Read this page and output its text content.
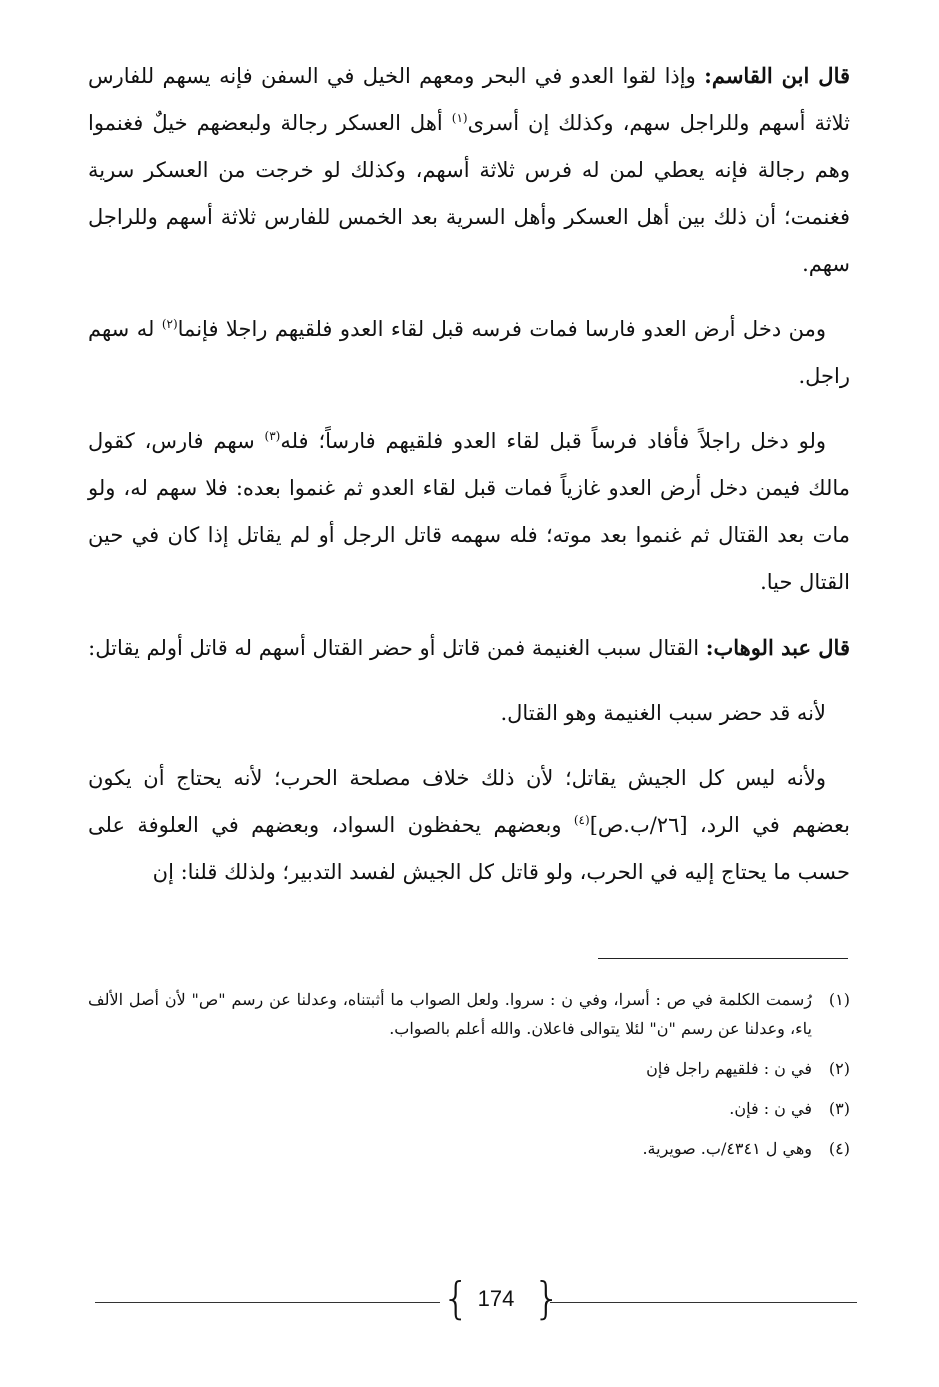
قال ابن القاسم: وإذا لقوا العدو في البحر ومعهم الخيل في السفن فإنه يسهم للفارس ثلاثة أسهم وللراجل سهم، وكذلك إن أسرى$^{(١)}$ أهل العسكر رجالة ولبعضهم خيلٌ فغنموا وهم رجالة فإنه يعطي لمن له فرس ثلاثة أسهم، وكذلك لو خرجت من العسكر سرية فغنمت؛ أن ذلك بين أهل العسكر وأهل السرية بعد الخمس للفارس ثلاثة أسهم وللراجل سهم.

ومن دخل أرض العدو فارسا فمات فرسه قبل لقاء العدو فلقيهم راجلا فإنما$^{(٢)}$ له سهم راجل.

ولو دخل راجلاً فأفاد فرساً قبل لقاء العدو فلقيهم فارساً؛ فله$^{(٣)}$ سهم فارس، كقول مالك فيمن دخل أرض العدو غازياً فمات قبل لقاء العدو ثم غنموا بعده: فلا سهم له، ولو مات بعد القتال ثم غنموا بعد موته؛ فله سهمه قاتل الرجل أو لم يقاتل إذا كان في حين القتال حيا.

قال عبد الوهاب: القتال سبب الغنيمة فمن قاتل أو حضر القتال أسهم له قاتل أولم يقاتل:

لأنه قد حضر سبب الغنيمة وهو القتال.

ولأنه ليس كل الجيش يقاتل؛ لأن ذلك خلاف مصلحة الحرب؛ لأنه يحتاج أن يكون بعضهم في الرد، [٢٦/ب.ص]$^{(٤)}$ وبعضهم يحفظون السواد، وبعضهم في العلوفة على حسب ما يحتاج إليه في الحرب، ولو قاتل كل الجيش لفسد التدبير؛ ولذلك قلنا: إن

(١)
رُسمت الكلمة في ص : أسرا، وفي ن : سروا. ولعل الصواب ما أثبتناه، وعدلنا عن رسم "ص" لأن أصل الألف ياء، وعدلنا عن رسم "ن" لئلا يتوالى فاعلان. والله أعلم بالصواب.
(٢)
في ن : فلقيهم راجل فإن
(٣)
في ن : فإن.
(٤)
وهي ل ٤٣٤١/ب. صويرية.
{ 174 }
